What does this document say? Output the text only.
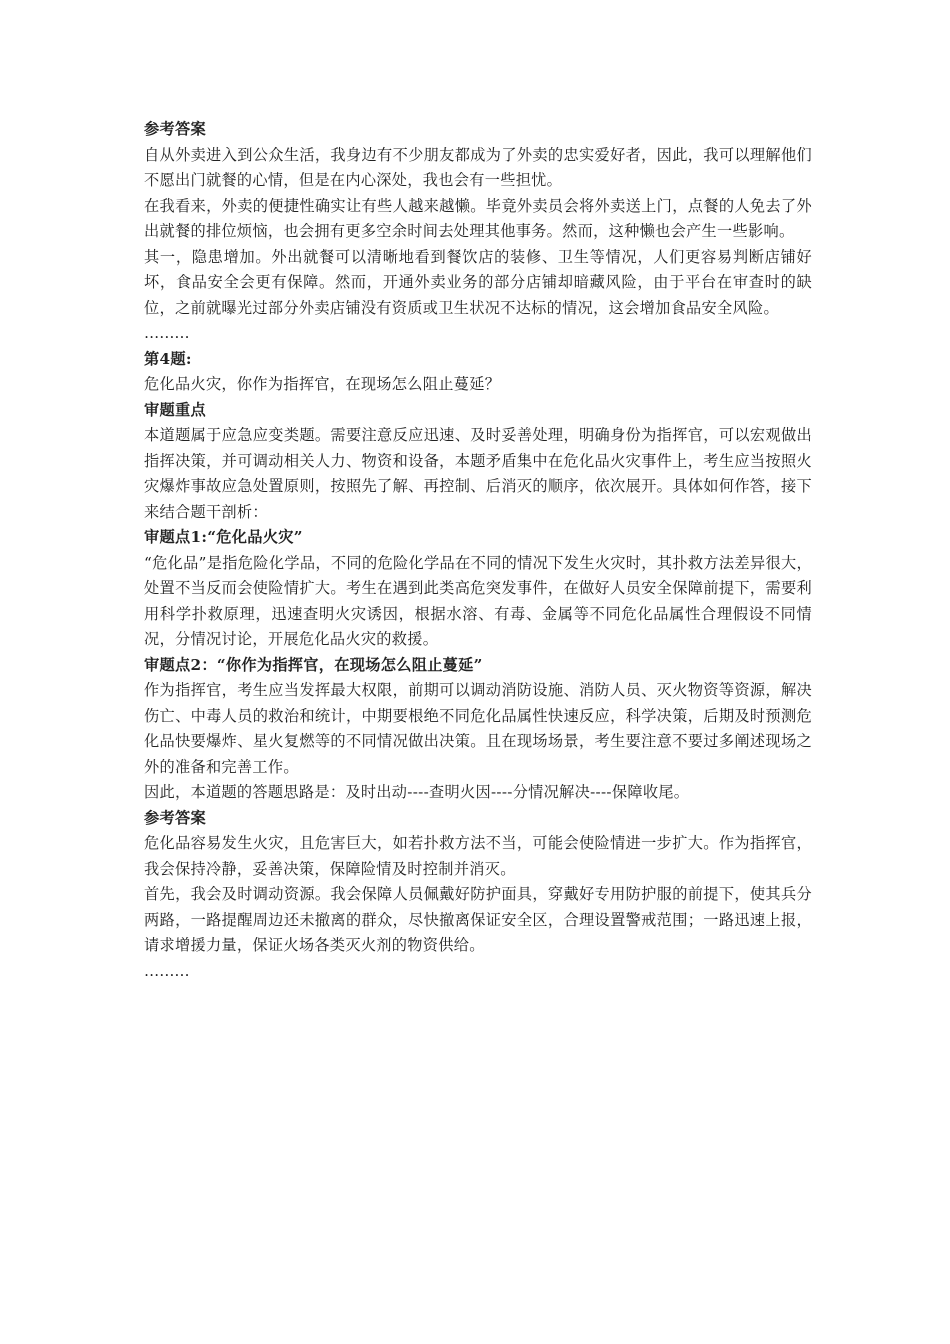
参考答案

自从外卖进入到公众生活，我身边有不少朋友都成为了外卖的忠实爱好者，因此，我可以理解他们不愿出门就餐的心情，但是在内心深处，我也会有一些担忧。

在我看来，外卖的便捷性确实让有些人越来越懒。毕竟外卖员会将外卖送上门，点餐的人免去了外出就餐的排位烦恼，也会拥有更多空余时间去处理其他事务。然而，这种懒也会产生一些影响。

其一，隐患增加。外出就餐可以清晰地看到餐饮店的装修、卫生等情况，人们更容易判断店铺好坏，食品安全会更有保障。然而，开通外卖业务的部分店铺却暗藏风险，由于平台在审查时的缺位，之前就曝光过部分外卖店铺没有资质或卫生状况不达标的情况，这会增加食品安全风险。

………

第4题:

危化品火灾，你作为指挥官，在现场怎么阻止蔓延？

审题重点

本道题属于应急应变类题。需要注意反应迅速、及时妥善处理，明确身份为指挥官，可以宏观做出指挥决策，并可调动相关人力、物资和设备，本题矛盾集中在危化品火灾事件上，考生应当按照火灾爆炸事故应急处置原则，按照先了解、再控制、后消灭的顺序，依次展开。具体如何作答，接下来结合题干剖析：

审题点1:“危化品火灾”

“危化品”是指危险化学品，不同的危险化学品在不同的情况下发生火灾时，其扑救方法差异很大，处置不当反而会使险情扩大。考生在遇到此类高危突发事件，在做好人员安全保障前提下，需要利用科学扑救原理，迅速查明火灾诱因，根据水溶、有毒、金属等不同危化品属性合理假设不同情况，分情况讨论，开展危化品火灾的救援。

审题点2：“你作为指挥官，在现场怎么阻止蔓延”

作为指挥官，考生应当发挥最大权限，前期可以调动消防设施、消防人员、灭火物资等资源，解决伤亡、中毒人员的救治和统计，中期要根绝不同危化品属性快速反应，科学决策，后期及时预测危化品快要爆炸、星火复燃等的不同情况做出决策。且在现场场景，考生要注意不要过多阐述现场之外的准备和完善工作。

因此，本道题的答题思路是：及时出动----查明火因----分情况解决----保障收尾。

参考答案

危化品容易发生火灾，且危害巨大，如若扑救方法不当，可能会使险情进一步扩大。作为指挥官，我会保持冷静，妥善决策，保障险情及时控制并消灭。

首先，我会及时调动资源。我会保障人员佩戴好防护面具，穿戴好专用防护服的前提下，使其兵分两路，一路提醒周边还未撤离的群众，尽快撤离保证安全区，合理设置警戒范围；一路迅速上报，请求增援力量，保证火场各类灭火剂的物资供给。

………
